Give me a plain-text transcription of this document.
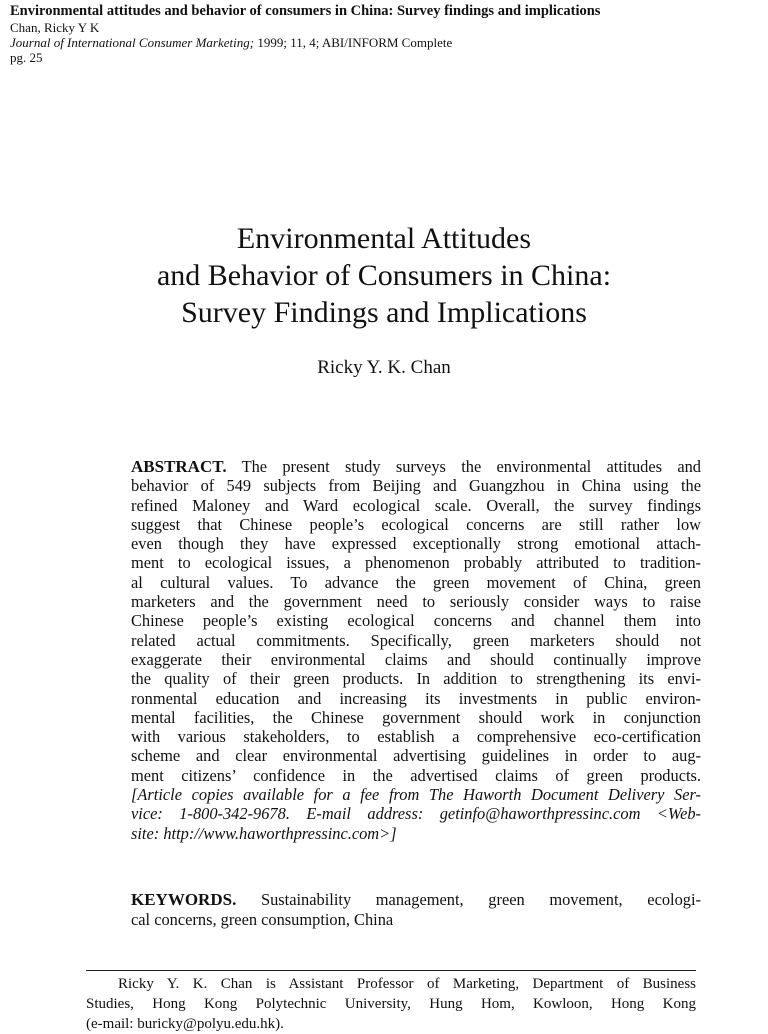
Environmental attitudes and behavior of consumers in China: Survey findings and implications
Chan, Ricky Y K
Journal of International Consumer Marketing; 1999; 11, 4; ABI/INFORM Complete
pg. 25
Environmental Attitudes
and Behavior of Consumers in China:
Survey Findings and Implications
Ricky Y. K. Chan
ABSTRACT. The present study surveys the environmental attitudes and
behavior of 549 subjects from Beijing and Guangzhou in China using the
refined Maloney and Ward ecological scale. Overall, the survey findings
suggest that Chinese people’s ecological concerns are still rather low
even though they have expressed exceptionally strong emotional attach-
ment to ecological issues, a phenomenon probably attributed to tradition-
al cultural values. To advance the green movement of China, green
marketers and the government need to seriously consider ways to raise
Chinese people’s existing ecological concerns and channel them into
related actual commitments. Specifically, green marketers should not
exaggerate their environmental claims and should continually improve
the quality of their green products. In addition to strengthening its envi-
ronmental education and increasing its investments in public environ-
mental facilities, the Chinese government should work in conjunction
with various stakeholders, to establish a comprehensive eco-certification
scheme and clear environmental advertising guidelines in order to aug-
ment citizens’ confidence in the advertised claims of green products.
[Article copies available for a fee from The Haworth Document Delivery Ser-
vice: 1-800-342-9678. E-mail address: getinfo@haworthpressinc.com <Web-
site: http://www.haworthpressinc.com>]
KEYWORDS. Sustainability management, green movement, ecologi-
cal concerns, green consumption, China
Ricky Y. K. Chan is Assistant Professor of Marketing, Department of Business
Studies, Hong Kong Polytechnic University, Hung Hom, Kowloon, Hong Kong
(e-mail: buricky@polyu.edu.hk).
